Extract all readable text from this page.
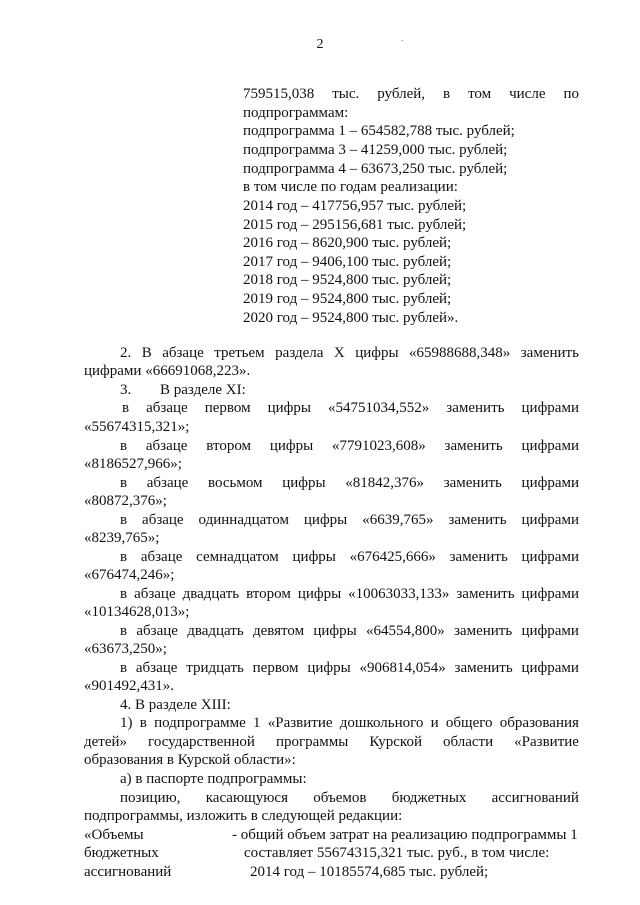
2	-
759515,038 тыс. рублей, в том числе по
подпрограммам:
подпрограмма 1 – 654582,788 тыс. рублей;
подпрограмма 3 – 41259,000 тыс. рублей;
подпрограмма 4 – 63673,250 тыс. рублей;
в том числе по годам реализации:
2014 год – 417756,957 тыс. рублей;
2015 год – 295156,681 тыс. рублей;
2016 год – 8620,900 тыс. рублей;
2017 год – 9406,100 тыс. рублей;
2018 год – 9524,800 тыс. рублей;
2019 год – 9524,800 тыс. рублей;
2020 год – 9524,800 тыс. рублей».
2. В абзаце третьем раздела X цифры «65988688,348» заменить
цифрами «66691068,223».
3. В разделе XI:
в абзаце первом цифры «54751034,552» заменить цифрами
«55674315,321»;
в абзаце втором цифры «7791023,608» заменить цифрами
«8186527,966»;
в абзаце восьмом цифры «81842,376» заменить цифрами
«80872,376»;
в абзаце одиннадцатом цифры «6639,765» заменить цифрами
«8239,765»;
в абзаце семнадцатом цифры «676425,666» заменить цифрами
«676474,246»;
в абзаце двадцать втором цифры «10063033,133» заменить цифрами
«10134628,013»;
в абзаце двадцать девятом цифры «64554,800» заменить цифрами
«63673,250»;
в абзаце тридцать первом цифры «906814,054» заменить цифрами
«901492,431».
4. В разделе XIII:
1) в подпрограмме 1 «Развитие дошкольного и общего образования
детей» государственной программы Курской области «Развитие
образования в Курской области»:
а) в паспорте подпрограммы:
позицию, касающуюся объемов бюджетных ассигнований
подпрограммы, изложить в следующей редакции:
«Объемы
бюджетных
ассигнований
- общий объем затрат на реализацию подпрограммы 1
составляет 55674315,321 тыс. руб., в том числе:
2014 год – 10185574,685 тыс. рублей;
